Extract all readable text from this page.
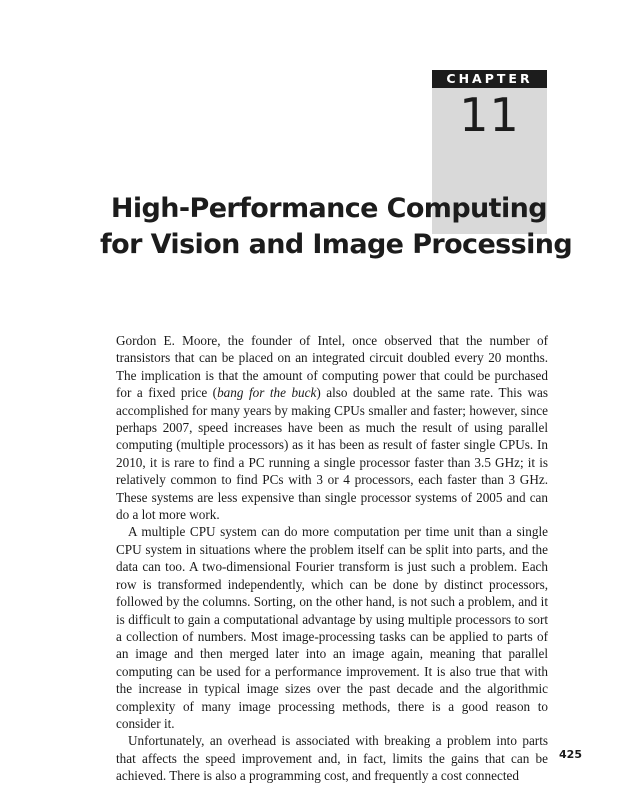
CHAPTER
11
High-Performance Computing
for Vision and Image Processing

Gordon E. Moore, the founder of Intel, once observed that the number of transistors that can be placed on an integrated circuit doubled every 20 months. The implication is that the amount of computing power that could be purchased for a fixed price (bang for the buck) also doubled at the same rate. This was accomplished for many years by making CPUs smaller and faster; however, since perhaps 2007, speed increases have been as much the result of using parallel computing (multiple processors) as it has been as result of faster single CPUs. In 2010, it is rare to find a PC running a single processor faster than 3.5 GHz; it is relatively common to find PCs with 3 or 4 processors, each faster than 3 GHz. These systems are less expensive than single processor systems of 2005 and can do a lot more work.

A multiple CPU system can do more computation per time unit than a single CPU system in situations where the problem itself can be split into parts, and the data can too. A two-dimensional Fourier transform is just such a problem. Each row is transformed independently, which can be done by distinct processors, followed by the columns. Sorting, on the other hand, is not such a problem, and it is difficult to gain a computational advantage by using multiple processors to sort a collection of numbers. Most image-processing tasks can be applied to parts of an image and then merged later into an image again, meaning that parallel computing can be used for a performance improvement. It is also true that with the increase in typical image sizes over the past decade and the algorithmic complexity of many image processing methods, there is a good reason to consider it.

Unfortunately, an overhead is associated with breaking a problem into parts that affects the speed improvement and, in fact, limits the gains that can be achieved. There is also a programming cost, and frequently a cost connected

425
